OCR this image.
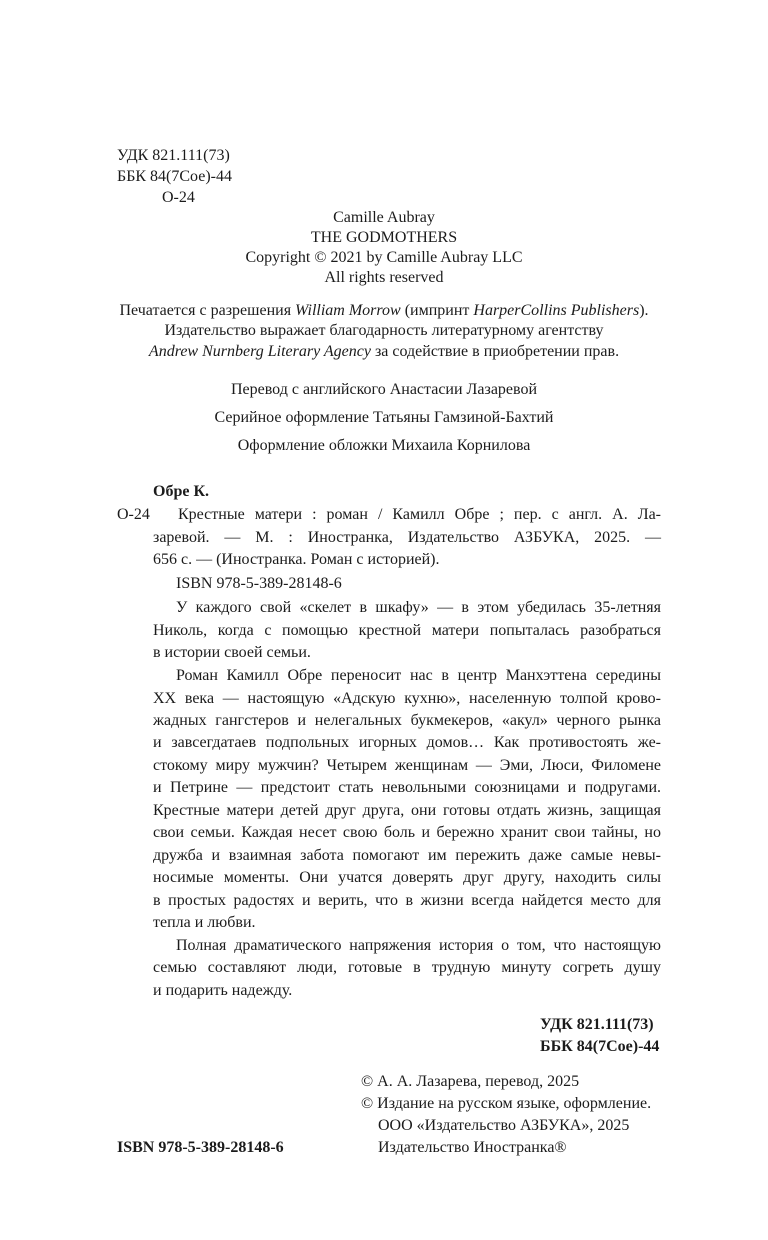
УДК 821.111(73)
ББК 84(7Сое)-44
О-24
Camille Aubray
THE GODMOTHERS
Copyright © 2021 by Camille Aubray LLC
All rights reserved
Печатается с разрешения William Morrow (импринт HarperCollins Publishers).
Издательство выражает благодарность литературному агентству
Andrew Nurnberg Literary Agency за содействие в приобретении прав.
Перевод с английского Анастасии Лазаревой
Серийное оформление Татьяны Гамзиной-Бахтий
Оформление обложки Михаила Корнилова
Обре К.
О-24 Крестные матери : роман / Камилл Обре ; пер. с англ. А. Ла-
заревой. — М. : Иностранка, Издательство АЗБУКА, 2025. —
656 с. — (Иностранка. Роман с историей).
ISBN 978-5-389-28148-6
У каждого свой «скелет в шкафу» — в этом убедилась 35-летняя
Николь, когда с помощью крестной матери попыталась разобраться
в истории своей семьи.
Роман Камилл Обре переносит нас в центр Манхэттена середины
XX века — настоящую «Адскую кухню», населенную толпой крово-
жадных гангстеров и нелегальных букмекеров, «акул» черного рынка
и завсегдатаев подпольных игорных домов… Как противостоять же-
стокому миру мужчин? Четырем женщинам — Эми, Люси, Филомене
и Петрине — предстоит стать невольными союзницами и подругами.
Крестные матери детей друг друга, они готовы отдать жизнь, защищая
свои семьи. Каждая несет свою боль и бережно хранит свои тайны, но
дружба и взаимная забота помогают им пережить даже самые невы-
носимые моменты. Они учатся доверять друг другу, находить силы
в простых радостях и верить, что в жизни всегда найдется место для
тепла и любви.
Полная драматического напряжения история о том, что настоящую
семью составляют люди, готовые в трудную минуту согреть душу
и подарить надежду.
УДК 821.111(73)
ББК 84(7Сое)-44
© А. А. Лазарева, перевод, 2025
© Издание на русском языке, оформление.
ООО «Издательство АЗБУКА», 2025
Издательство Иностранка®
ISBN 978-5-389-28148-6
